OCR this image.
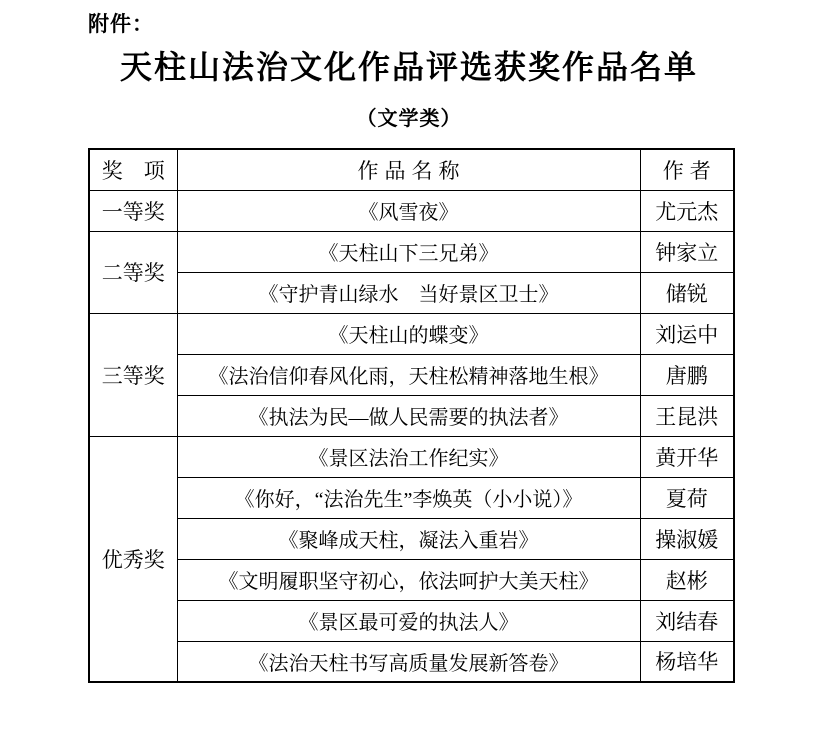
附件：
天柱山法治文化作品评选获奖作品名单
（文学类）
奖　项	作品名称	作者
一等奖	《风雪夜》	尤元杰
二等奖	《天柱山下三兄弟》	钟家立
	《守护青山绿水　当好景区卫士》	储锐
三等奖	《天柱山的蝶变》	刘运中
	《法治信仰春风化雨，天柱松精神落地生根》	唐鹏
	《执法为民—做人民需要的执法者》	王昆洪
优秀奖	《景区法治工作纪实》	黄开华
	《你好，“法治先生”李焕英（小小说）》	夏荷
	《聚峰成天柱，凝法入重岩》	操淑媛
	《文明履职坚守初心，依法呵护大美天柱》	赵彬
	《景区最可爱的执法人》	刘结春
	《法治天柱书写高质量发展新答卷》	杨培华
